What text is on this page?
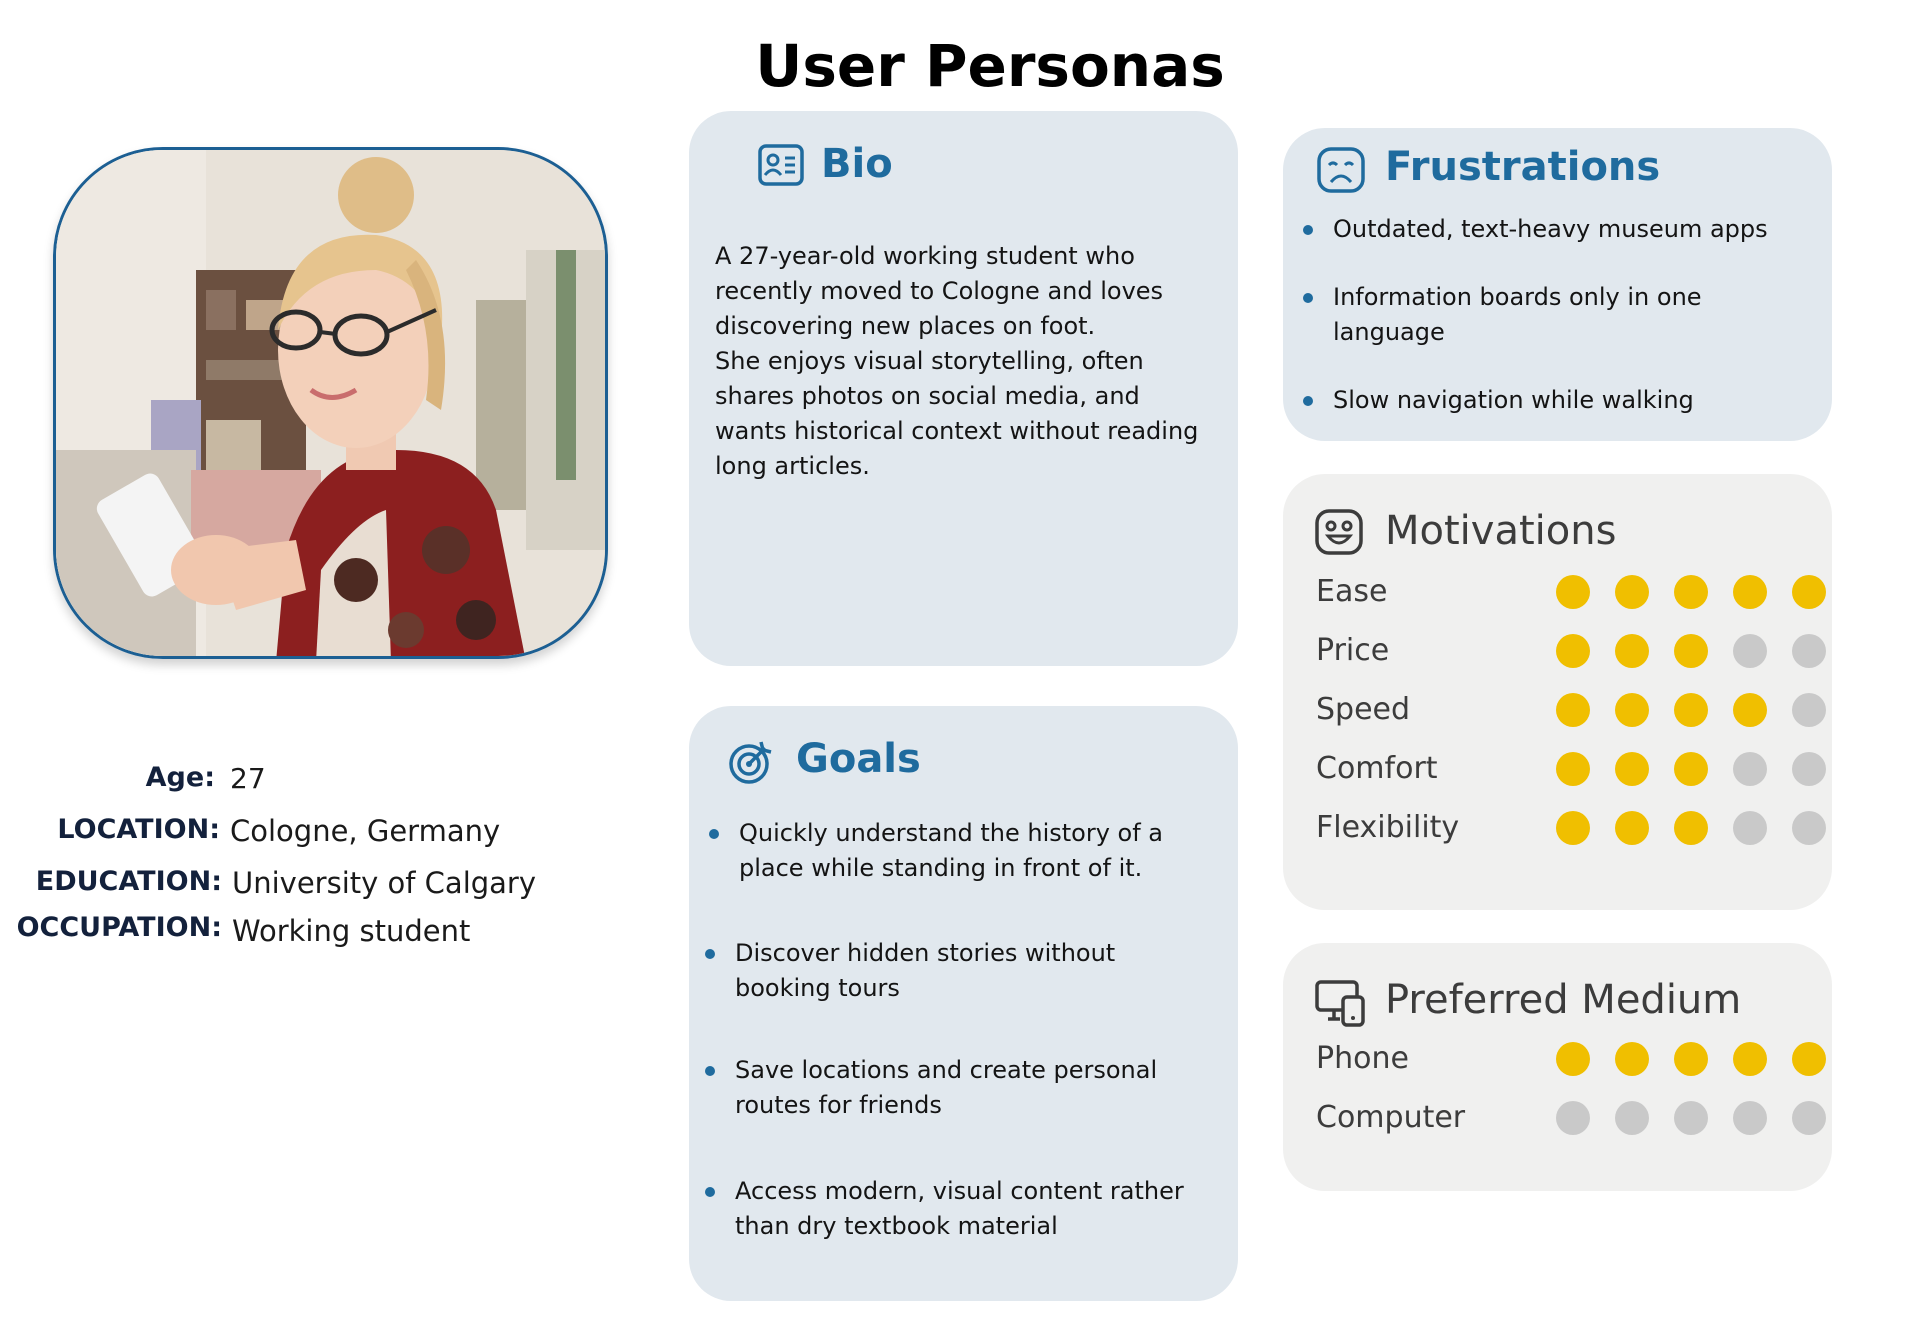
User Personas
Age: 27
LOCATION: Cologne, Germany
EDUCATION: University of Calgary
OCCUPATION: Working student
Bio

A 27-year-old working student who

recently moved to Cologne and loves

discovering new places on foot.

She enjoys visual storytelling, often

shares photos on social media, and

wants historical context without reading

long articles.

Goals
Quickly understand the history of a
place while standing in front of it.
Discover hidden stories without
booking tours
Save locations and create personal
routes for friends
Access modern, visual content rather
than dry textbook material
Frustrations
Outdated, text-heavy museum apps
Information boards only in one
language
Slow navigation while walking
Motivations
Ease
Price
Speed
Comfort
Flexibility
Preferred Medium
Phone
Computer
